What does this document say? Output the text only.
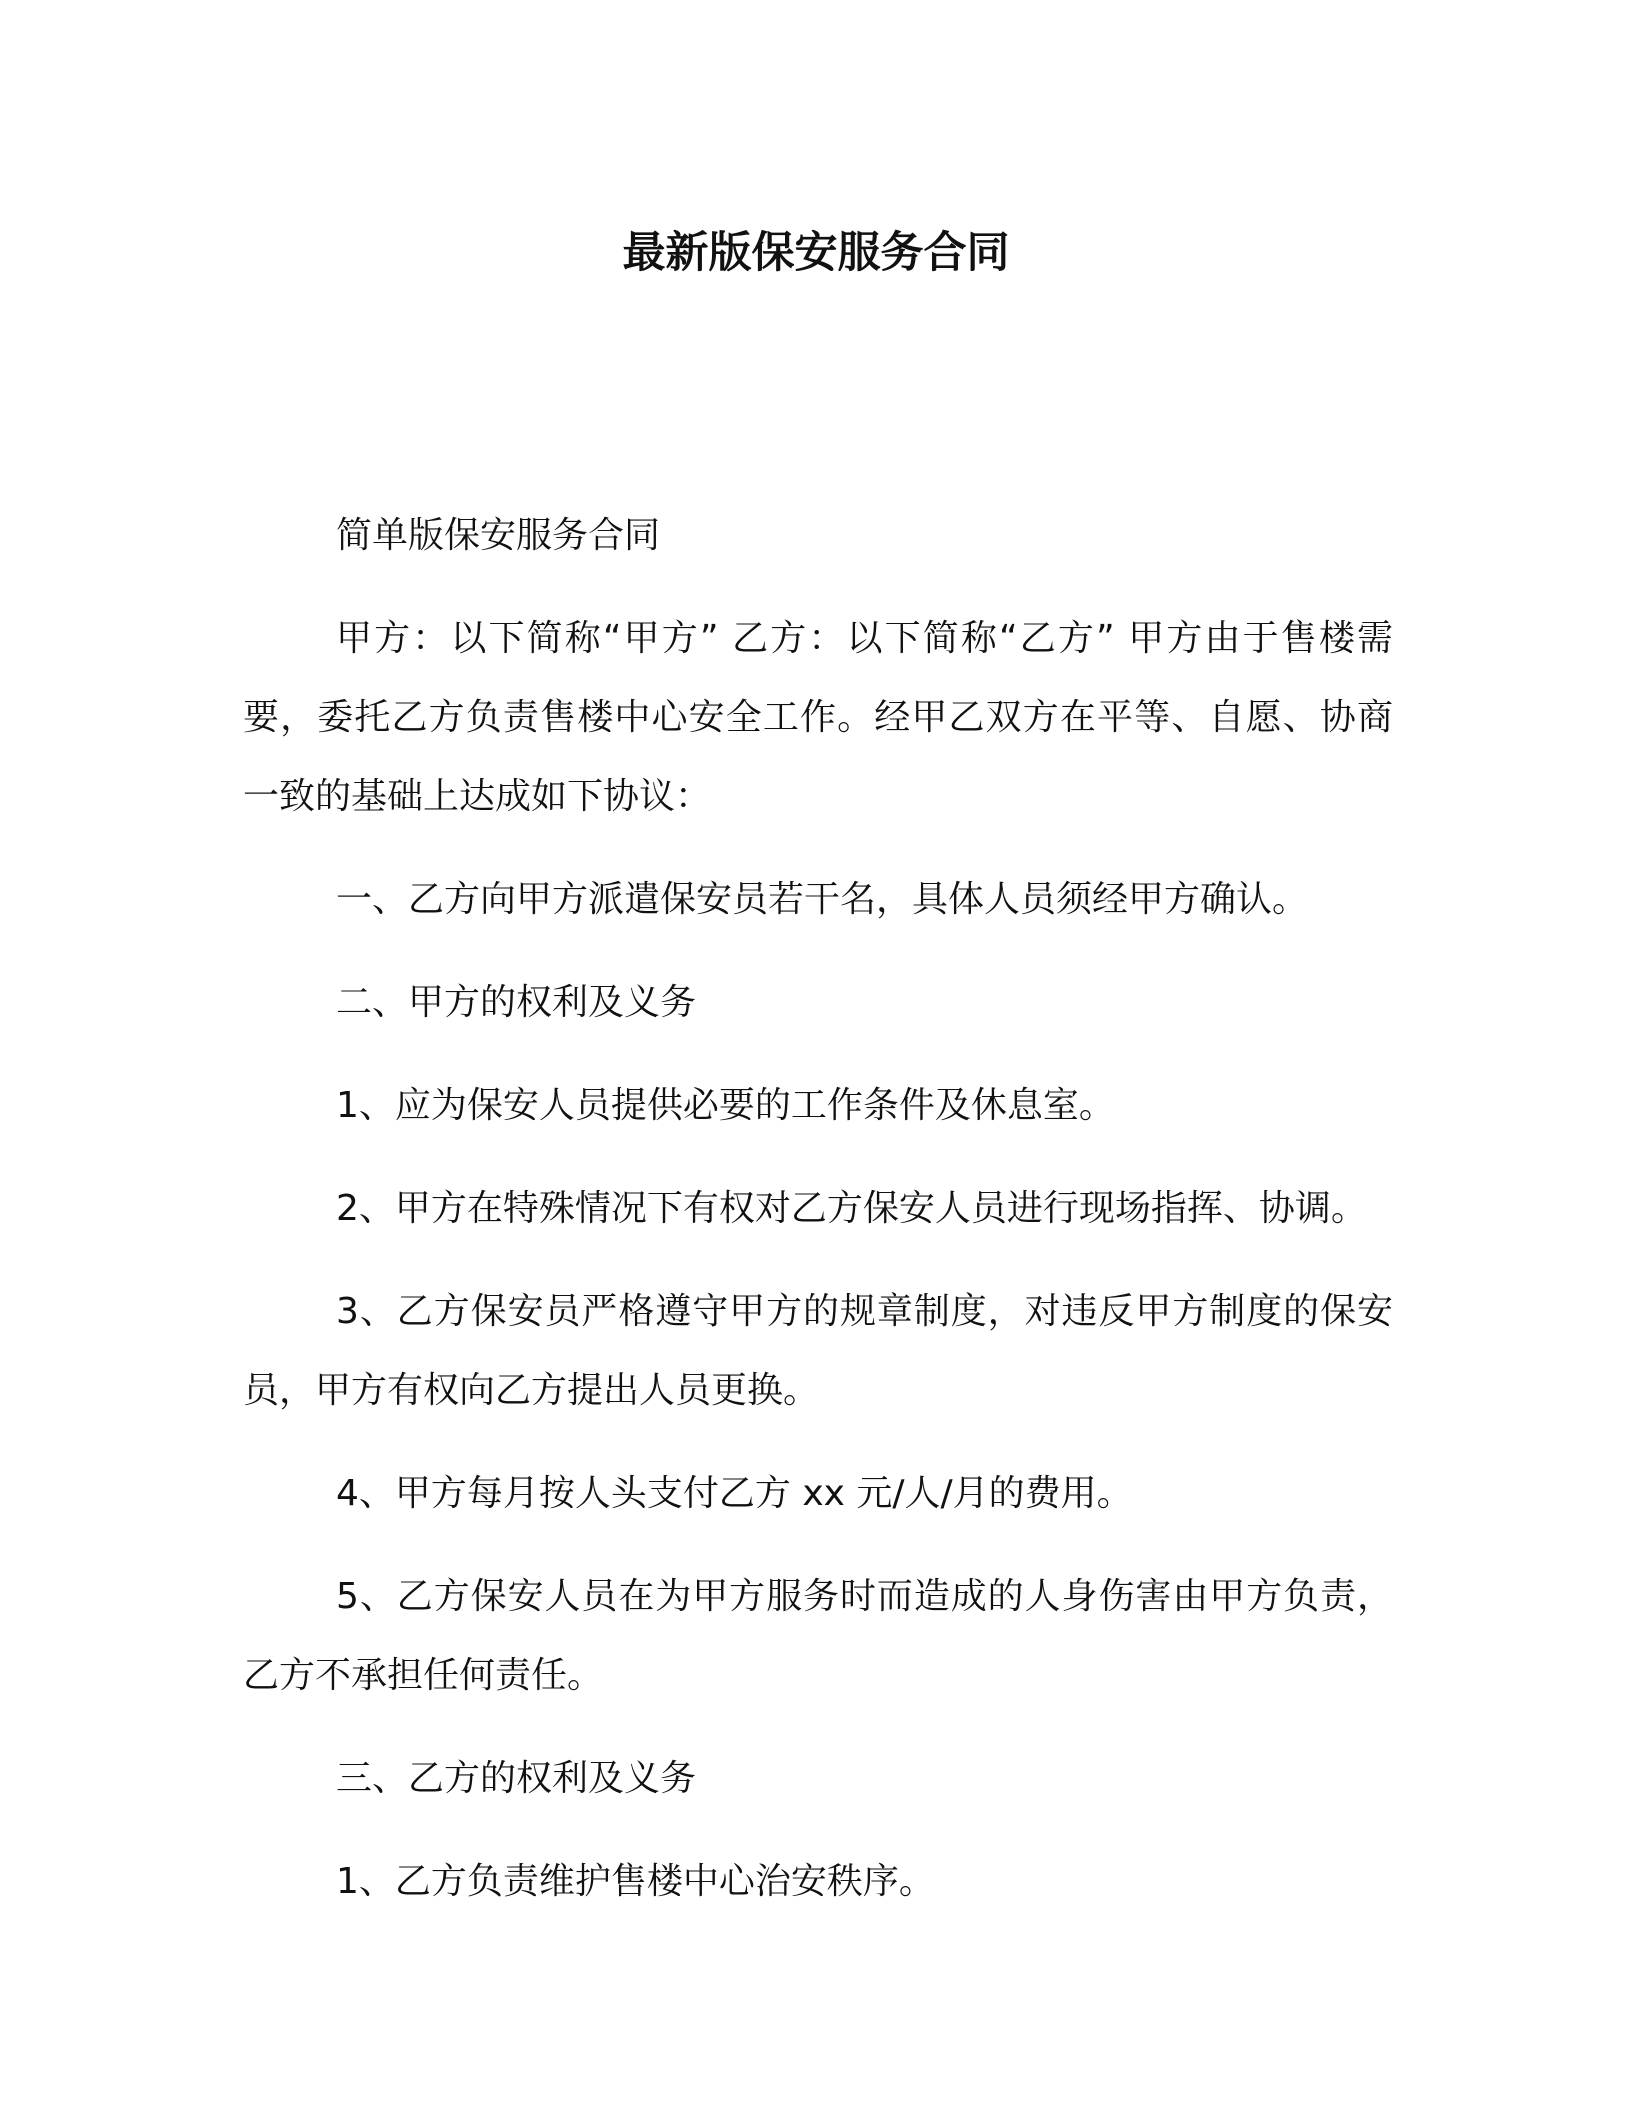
最新版保安服务合同

简单版保安服务合同

甲方：以下简称“甲方” 乙方：以下简称“乙方” 甲方由于售楼需要，委托乙方负责售楼中心安全工作。经甲乙双方在平等、自愿、协商一致的基础上达成如下协议：

一、乙方向甲方派遣保安员若干名，具体人员须经甲方确认。

二、甲方的权利及义务

1、应为保安人员提供必要的工作条件及休息室。

2、甲方在特殊情况下有权对乙方保安人员进行现场指挥、协调。

3、乙方保安员严格遵守甲方的规章制度，对违反甲方制度的保安员，甲方有权向乙方提出人员更换。

4、甲方每月按人头支付乙方 xx 元/人/月的费用。

5、乙方保安人员在为甲方服务时而造成的人身伤害由甲方负责，乙方不承担任何责任。

三、乙方的权利及义务

1、乙方负责维护售楼中心治安秩序。
